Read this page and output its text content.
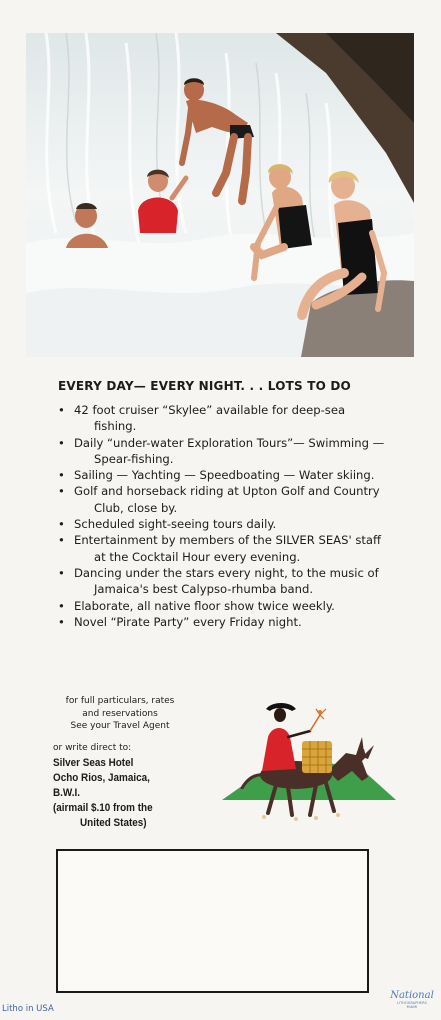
EVERY DAY— EVERY NIGHT. . . LOTS TO DO
• 42 foot cruiser “Skylee” available for deep-sea fishing.
• Daily “under-water Exploration Tours”— Swimming — Spear-fishing.
• Sailing — Yachting — Speedboating — Water skiing.
• Golf and horseback riding at Upton Golf and Country Club, close by.
• Scheduled sight-seeing tours daily.
• Entertainment by members of the SILVER SEAS' staff at the Cocktail Hour every evening.
• Dancing under the stars every night, to the music of Jamaica's best Calypso-rhumba band.
• Elaborate, all native floor show twice weekly.
• Novel “Pirate Party” every Friday night.
for full particulars, rates
and reservations
See your Travel Agent
or write direct to:
Silver Seas Hotel
Ocho Rios, Jamaica, B.W.I.
(airmail $.10 from the
United States)
Litho in USA
National
LITHOGRAPHERS
MIAMI
